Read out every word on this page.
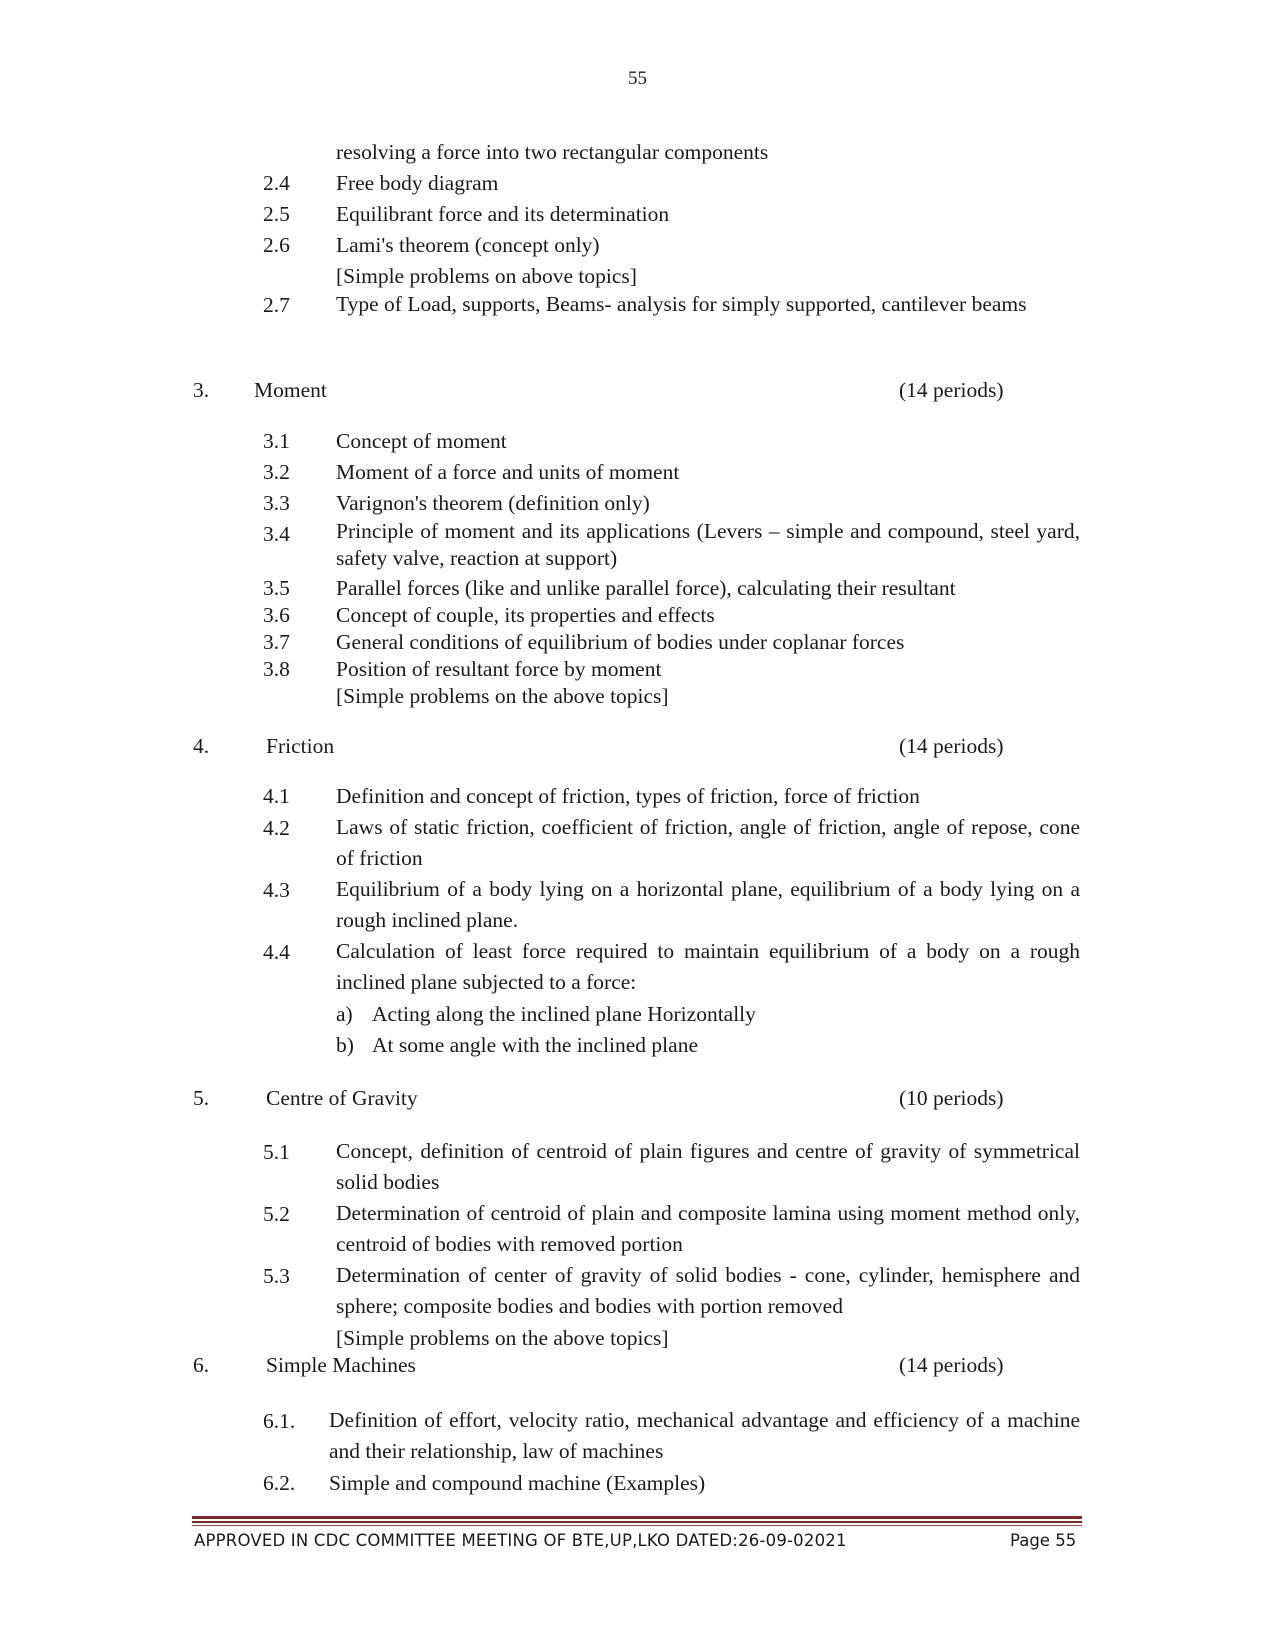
55
resolving a force into two rectangular components
2.4 Free body diagram
2.5 Equilibrant force and its determination
2.6 Lami's theorem (concept only)
[Simple problems on above topics]
2.7 Type of Load, supports, Beams- analysis for simply supported, cantilever beams
3. Moment	(14 periods)
3.1 Concept of moment
3.2 Moment of a force and units of moment
3.3 Varignon's theorem (definition only)
3.4 Principle of moment and its applications (Levers – simple and compound, steel yard, safety valve, reaction at support)
3.5 Parallel forces (like and unlike parallel force), calculating their resultant
3.6 Concept of couple, its properties and effects
3.7 General conditions of equilibrium of bodies under coplanar forces
3.8 Position of resultant force by moment
[Simple problems on the above topics]
4.	Friction	(14 periods)
4.1 Definition and concept of friction, types of friction, force of friction
4.2 Laws of static friction, coefficient of friction, angle of friction, angle of repose, cone of friction
4.3 Equilibrium of a body lying on a horizontal plane, equilibrium of a body lying on a rough inclined plane.
4.4 Calculation of least force required to maintain equilibrium of a body on a rough inclined plane subjected to a force:
a) Acting along the inclined plane Horizontally
b) At some angle with the inclined plane
5.	Centre of Gravity	(10 periods)
5.1 Concept, definition of centroid of plain figures and centre of gravity of symmetrical solid bodies
5.2 Determination of centroid of plain and composite lamina using moment method only, centroid of bodies with removed portion
5.3 Determination of center of gravity of solid bodies - cone, cylinder, hemisphere and sphere; composite bodies and bodies with portion removed
[Simple problems on the above topics]
6.	Simple Machines	(14 periods)
6.1. Definition of effort, velocity ratio, mechanical advantage and efficiency of a machine and their relationship, law of machines
6.2. Simple and compound machine (Examples)
APPROVED IN CDC COMMITTEE MEETING OF BTE,UP,LKO DATED:26-09-02021	Page 55
